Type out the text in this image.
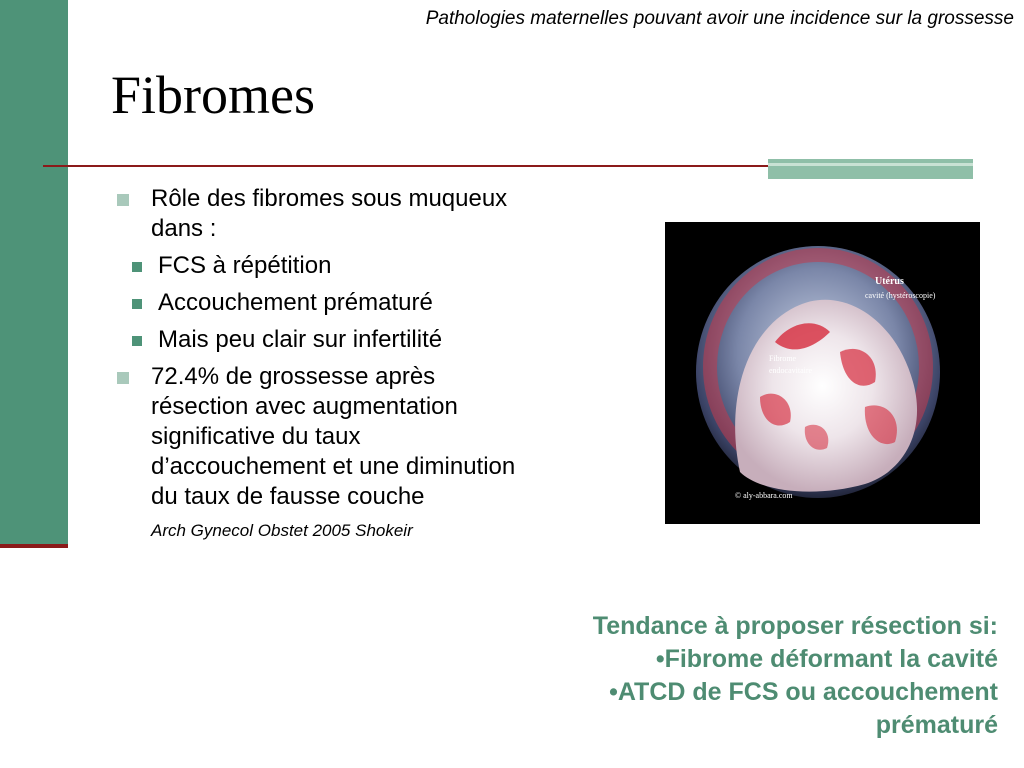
Pathologies maternelles pouvant avoir une incidence sur la grossesse
Fibromes
Rôle des fibromes sous muqueux dans :
FCS à répétition
Accouchement prématuré
Mais peu clair sur infertilité
72.4% de grossesse après résection avec augmentation significative du taux d’accouchement et une diminution du taux de fausse couche
Arch Gynecol Obstet 2005 Shokeir
Utérus
cavité (hystéroscopie)
Fibrome
endocavitaire
© aly-abbara.com
Tendance à proposer résection si:
•Fibrome déformant la cavité
•ATCD de FCS ou accouchement prématuré
